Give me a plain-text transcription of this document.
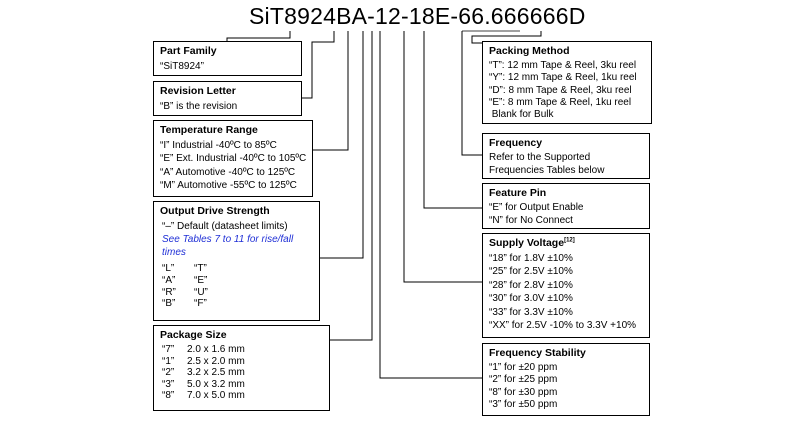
SiT8924BA-12-18E-66.666666D
Part Family
“SiT8924”
Revision Letter
“B” is the revision
Temperature Range
“I” Industrial -40ºC to 85ºC
“E” Ext. Industrial -40ºC to 105ºC
“A” Automotive -40ºC to 125ºC
“M” Automotive -55ºC to 125ºC
Output Drive Strength
“–” Default (datasheet limits)
See Tables 7 to 11 for rise/fall times
“L”	“T”
“A”	“E”
“R”	“U”
“B”	“F”
Package Size
“7”	2.0 x 1.6 mm
“1”	2.5 x 2.0 mm
“2”	3.2 x 2.5 mm
“3”	5.0 x 3.2 mm
“8”	7.0 x 5.0 mm
Packing Method
“T”: 12 mm Tape & Reel, 3ku reel
“Y”: 12 mm Tape & Reel, 1ku reel
“D”: 8 mm Tape & Reel, 3ku reel
“E”: 8 mm Tape & Reel, 1ku reel
Blank for Bulk
Frequency
Refer to the Supported
Frequencies Tables below
Feature Pin
“E” for Output Enable
“N” for No Connect
Supply Voltage[12]
“18” for 1.8V ±10%
“25” for 2.5V ±10%
“28” for 2.8V ±10%
“30” for 3.0V ±10%
“33” for 3.3V ±10%
“XX” for 2.5V -10% to 3.3V +10%
Frequency Stability
“1” for ±20 ppm
“2” for ±25 ppm
“8” for ±30 ppm
“3” for ±50 ppm
